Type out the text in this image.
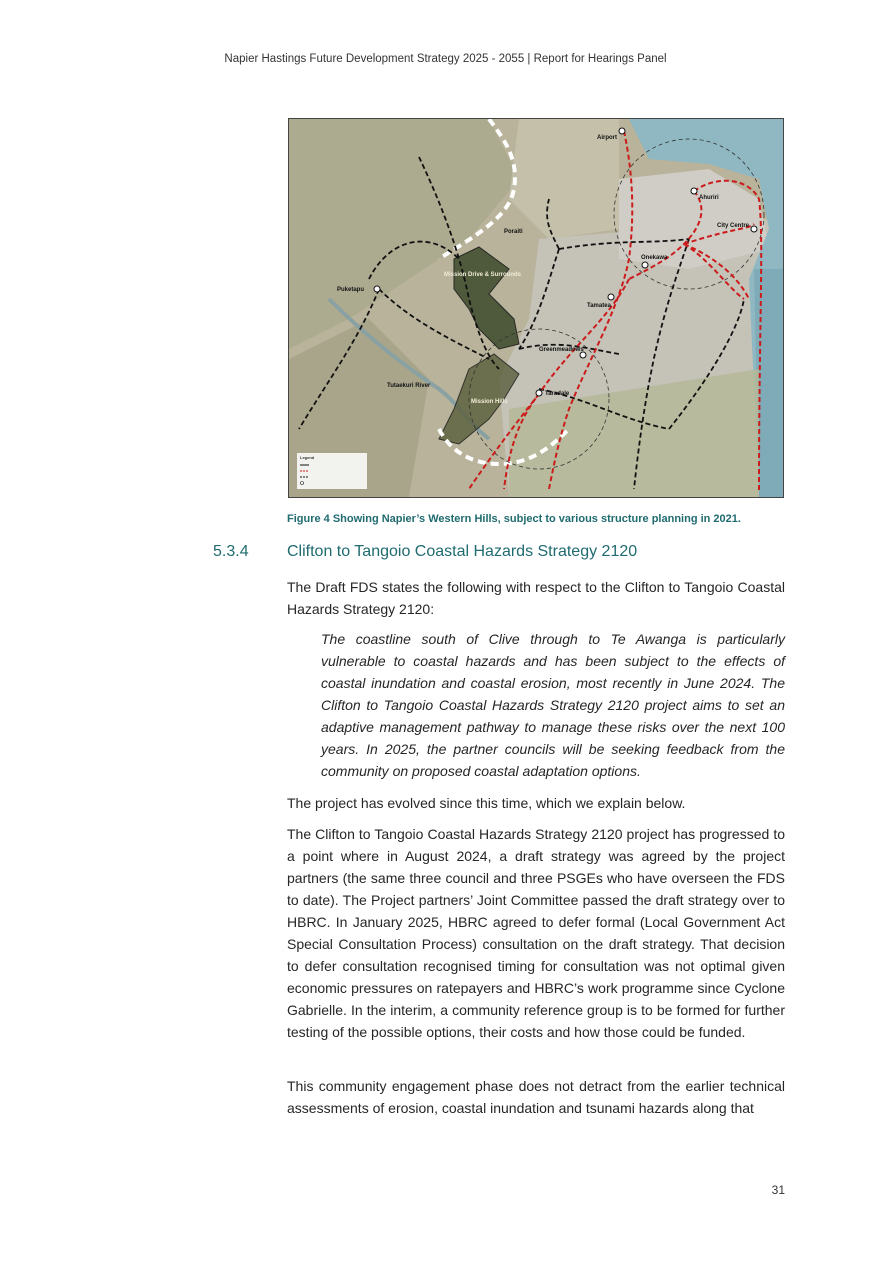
Napier Hastings Future Development Strategy 2025 - 2055 | Report for Hearings Panel
Airport
Ahuriri
City Centre
Poraiti
Onekawa
Puketapu
Tamatea
Greenmeadows
Taradale
Tutaekuri River
Mission Drive & Surrounds
Mission Hills
Legend
Figure 4 Showing Napier’s Western Hills, subject to various structure planning in 2021.
5.3.4 Clifton to Tangoio Coastal Hazards Strategy 2120

The Draft FDS states the following with respect to the Clifton to Tangoio Coastal Hazards Strategy 2120:

The coastline south of Clive through to Te Awanga is particularly vulnerable to coastal hazards and has been subject to the effects of coastal inundation and coastal erosion, most recently in June 2024. The Clifton to Tangoio Coastal Hazards Strategy 2120 project aims to set an adaptive management pathway to manage these risks over the next 100 years. In 2025, the partner councils will be seeking feedback from the community on proposed coastal adaptation options.

The project has evolved since this time, which we explain below.

The Clifton to Tangoio Coastal Hazards Strategy 2120 project has progressed to a point where in August 2024, a draft strategy was agreed by the project partners (the same three council and three PSGEs who have overseen the FDS to date). The Project partners’ Joint Committee passed the draft strategy over to HBRC. In January 2025, HBRC agreed to defer formal (Local Government Act Special Consultation Process) consultation on the draft strategy. That decision to defer consultation recognised timing for consultation was not optimal given economic pressures on ratepayers and HBRC’s work programme since Cyclone Gabrielle. In the interim, a community reference group is to be formed for further testing of the possible options, their costs and how those could be funded.

This community engagement phase does not detract from the earlier technical assessments of erosion, coastal inundation and tsunami hazards along that

31
